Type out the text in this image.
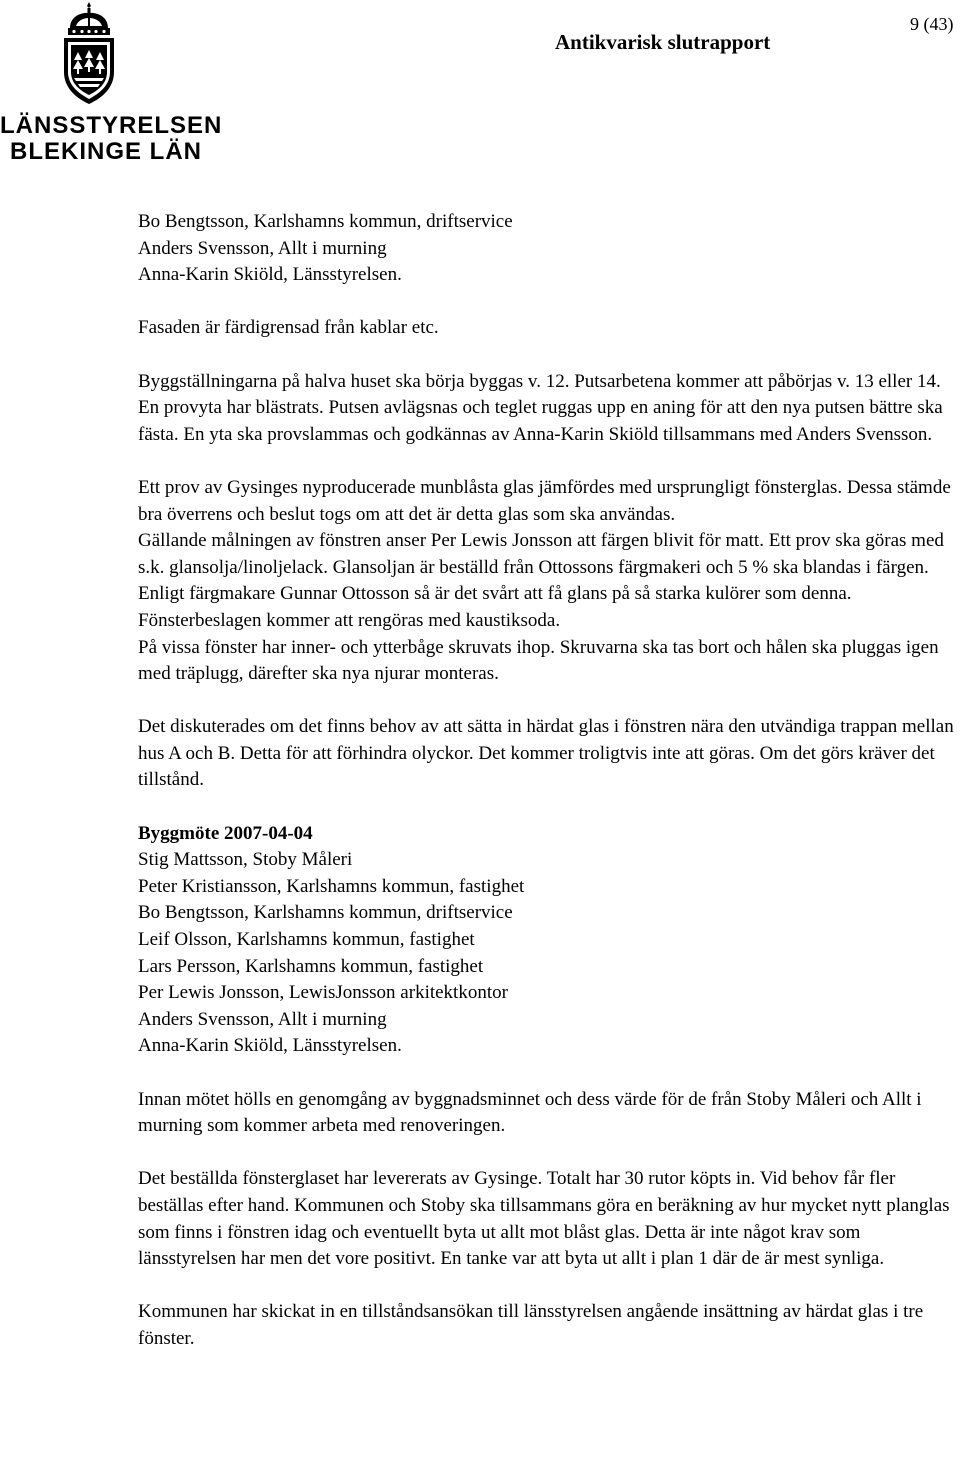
LÄNSSTYRELSEN
BLEKINGE LÄN
Antikvarisk slutrapport
9 (43)

Bo Bengtsson, Karlshamns kommun, driftservice

Anders Svensson, Allt i murning

Anna-Karin Skiöld, Länsstyrelsen.

Fasaden är färdigrensad från kablar etc.

Byggställningarna på halva huset ska börja byggas v. 12. Putsarbetena kommer att påbörjas v. 13 eller 14. En provyta har blästrats. Putsen avlägsnas och teglet ruggas upp en aning för att den nya putsen bättre ska fästa. En yta ska provslammas och godkännas av Anna-Karin Skiöld tillsammans med Anders Svensson.

Ett prov av Gysinges nyproducerade munblåsta glas jämfördes med ursprungligt fönsterglas. Dessa stämde bra överrens och beslut togs om att det är detta glas som ska användas.

Gällande målningen av fönstren anser Per Lewis Jonsson att färgen blivit för matt. Ett prov ska göras med s.k. glansolja/linoljelack. Glansoljan är beställd från Ottossons färgmakeri och 5 % ska blandas i färgen. Enligt färgmakare Gunnar Ottosson så är det svårt att få glans på så starka kulörer som denna.

Fönsterbeslagen kommer att rengöras med kaustiksoda.

På vissa fönster har inner- och ytterbåge skruvats ihop. Skruvarna ska tas bort och hålen ska pluggas igen med träplugg, därefter ska nya njurar monteras.

Det diskuterades om det finns behov av att sätta in härdat glas i fönstren nära den utvändiga trappan mellan hus A och B. Detta för att förhindra olyckor. Det kommer troligtvis inte att göras. Om det görs kräver det tillstånd.

Byggmöte 2007-04-04

Stig Mattsson, Stoby Måleri

Peter Kristiansson, Karlshamns kommun, fastighet

Bo Bengtsson, Karlshamns kommun, driftservice

Leif Olsson, Karlshamns kommun, fastighet

Lars Persson, Karlshamns kommun, fastighet

Per Lewis Jonsson, LewisJonsson arkitektkontor

Anders Svensson, Allt i murning

Anna-Karin Skiöld, Länsstyrelsen.

Innan mötet hölls en genomgång av byggnadsminnet och dess värde för de från Stoby Måleri och Allt i murning som kommer arbeta med renoveringen.

Det beställda fönsterglaset har levererats av Gysinge. Totalt har 30 rutor köpts in. Vid behov får fler beställas efter hand. Kommunen och Stoby ska tillsammans göra en beräkning av hur mycket nytt planglas som finns i fönstren idag och eventuellt byta ut allt mot blåst glas. Detta är inte något krav som länsstyrelsen har men det vore positivt. En tanke var att byta ut allt i plan 1 där de är mest synliga.

Kommunen har skickat in en tillståndsansökan till länsstyrelsen angående insättning av härdat glas i tre fönster.
